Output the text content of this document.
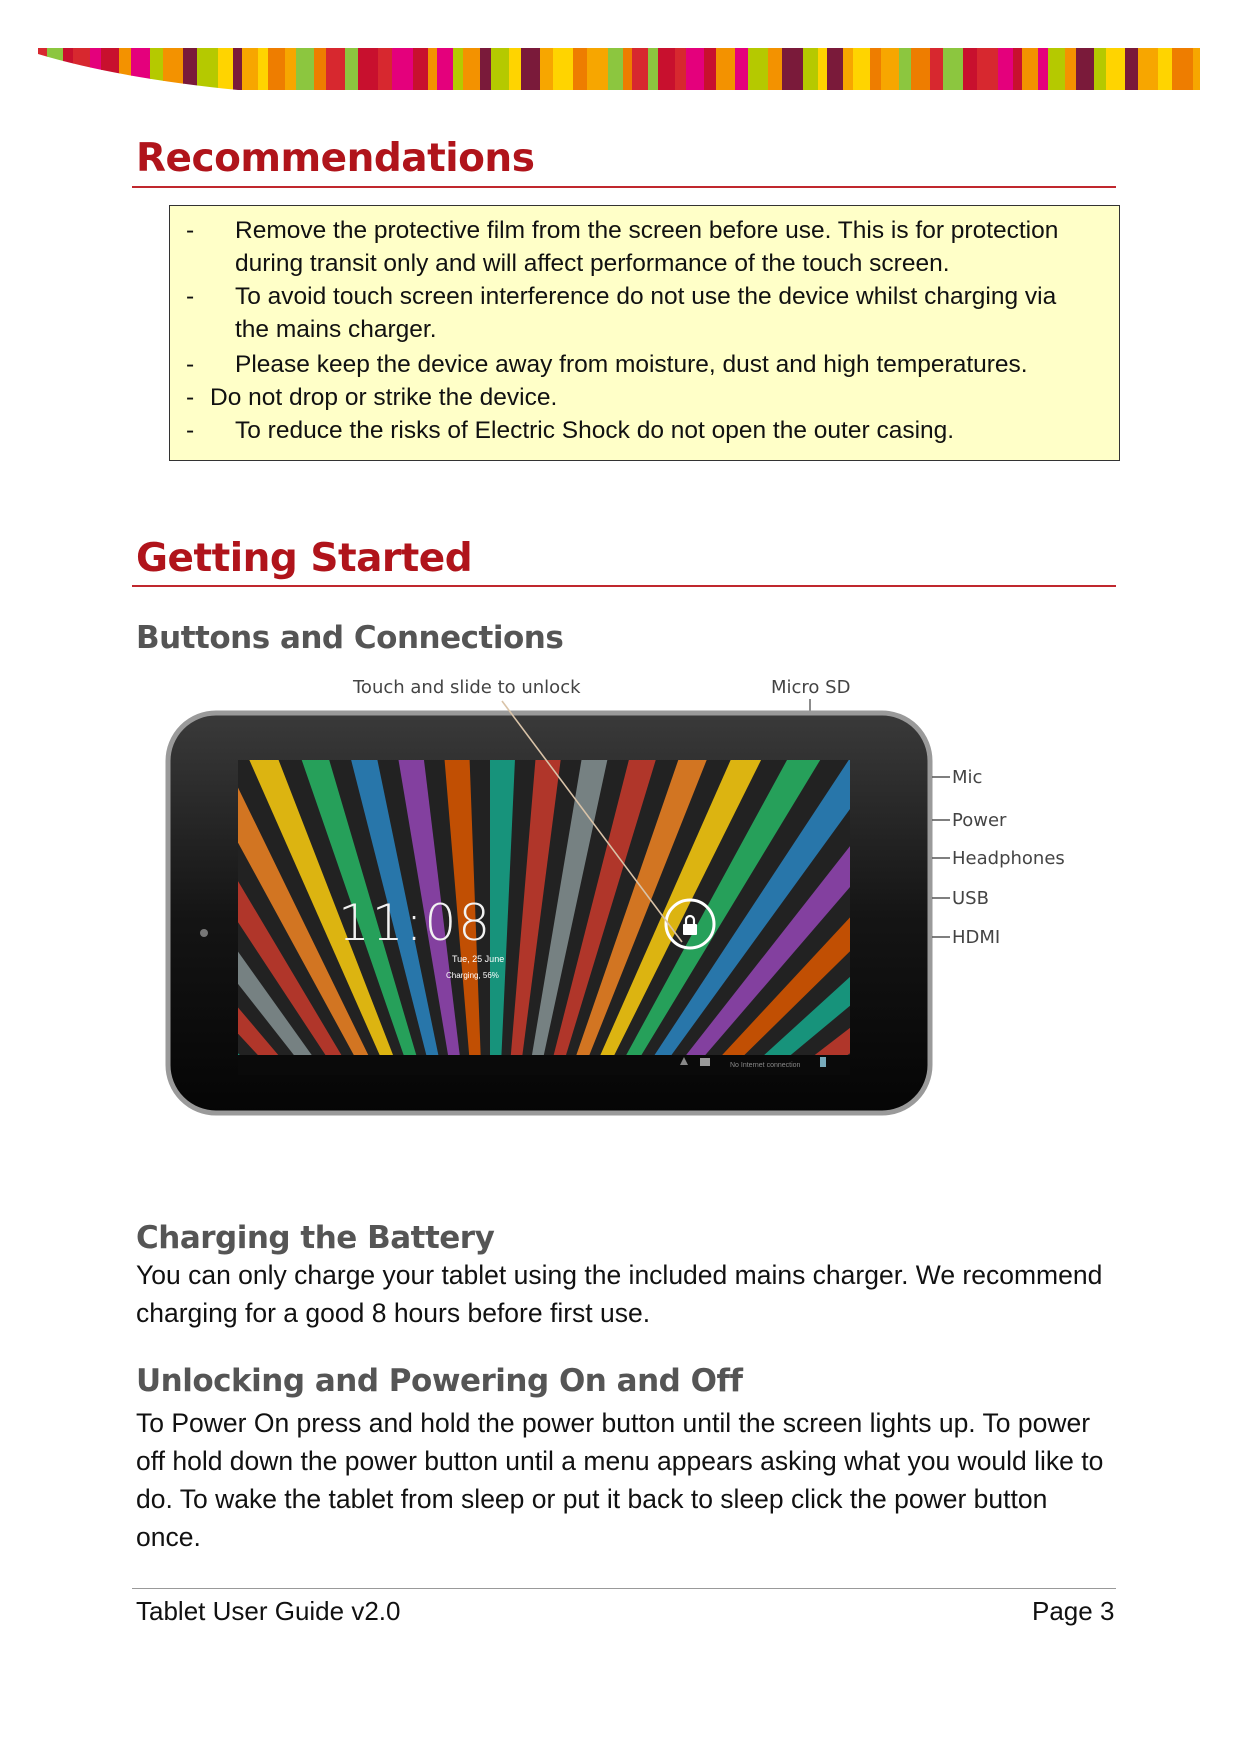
Recommendations
- Remove the protective film from the screen before use. This is for protection
during transit only and will affect performance of the touch screen.
- To avoid touch screen interference do not use the device whilst charging via
the mains charger.
- Please keep the device away from moisture, dust and high temperatures.
- Do not drop or strike the device.
- To reduce the risks of Electric Shock do not open the outer casing.
Getting Started
Buttons and Connections
Touch and slide to unlock	Micro SD
11:08
Tue, 25 June
Charging, 56%
No Internet connection
Mic
Power
Headphones
USB
HDMI
Charging the Battery

You can only charge your tablet using the included mains charger. We recommend charging for a good 8 hours before first use.

Unlocking and Powering On and Off

To Power On press and hold the power button until the screen lights up. To power off hold down the power button until a menu appears asking what you would like to do. To wake the tablet from sleep or put it back to sleep click the power button once.

Tablet User Guide v2.0	Page 3
